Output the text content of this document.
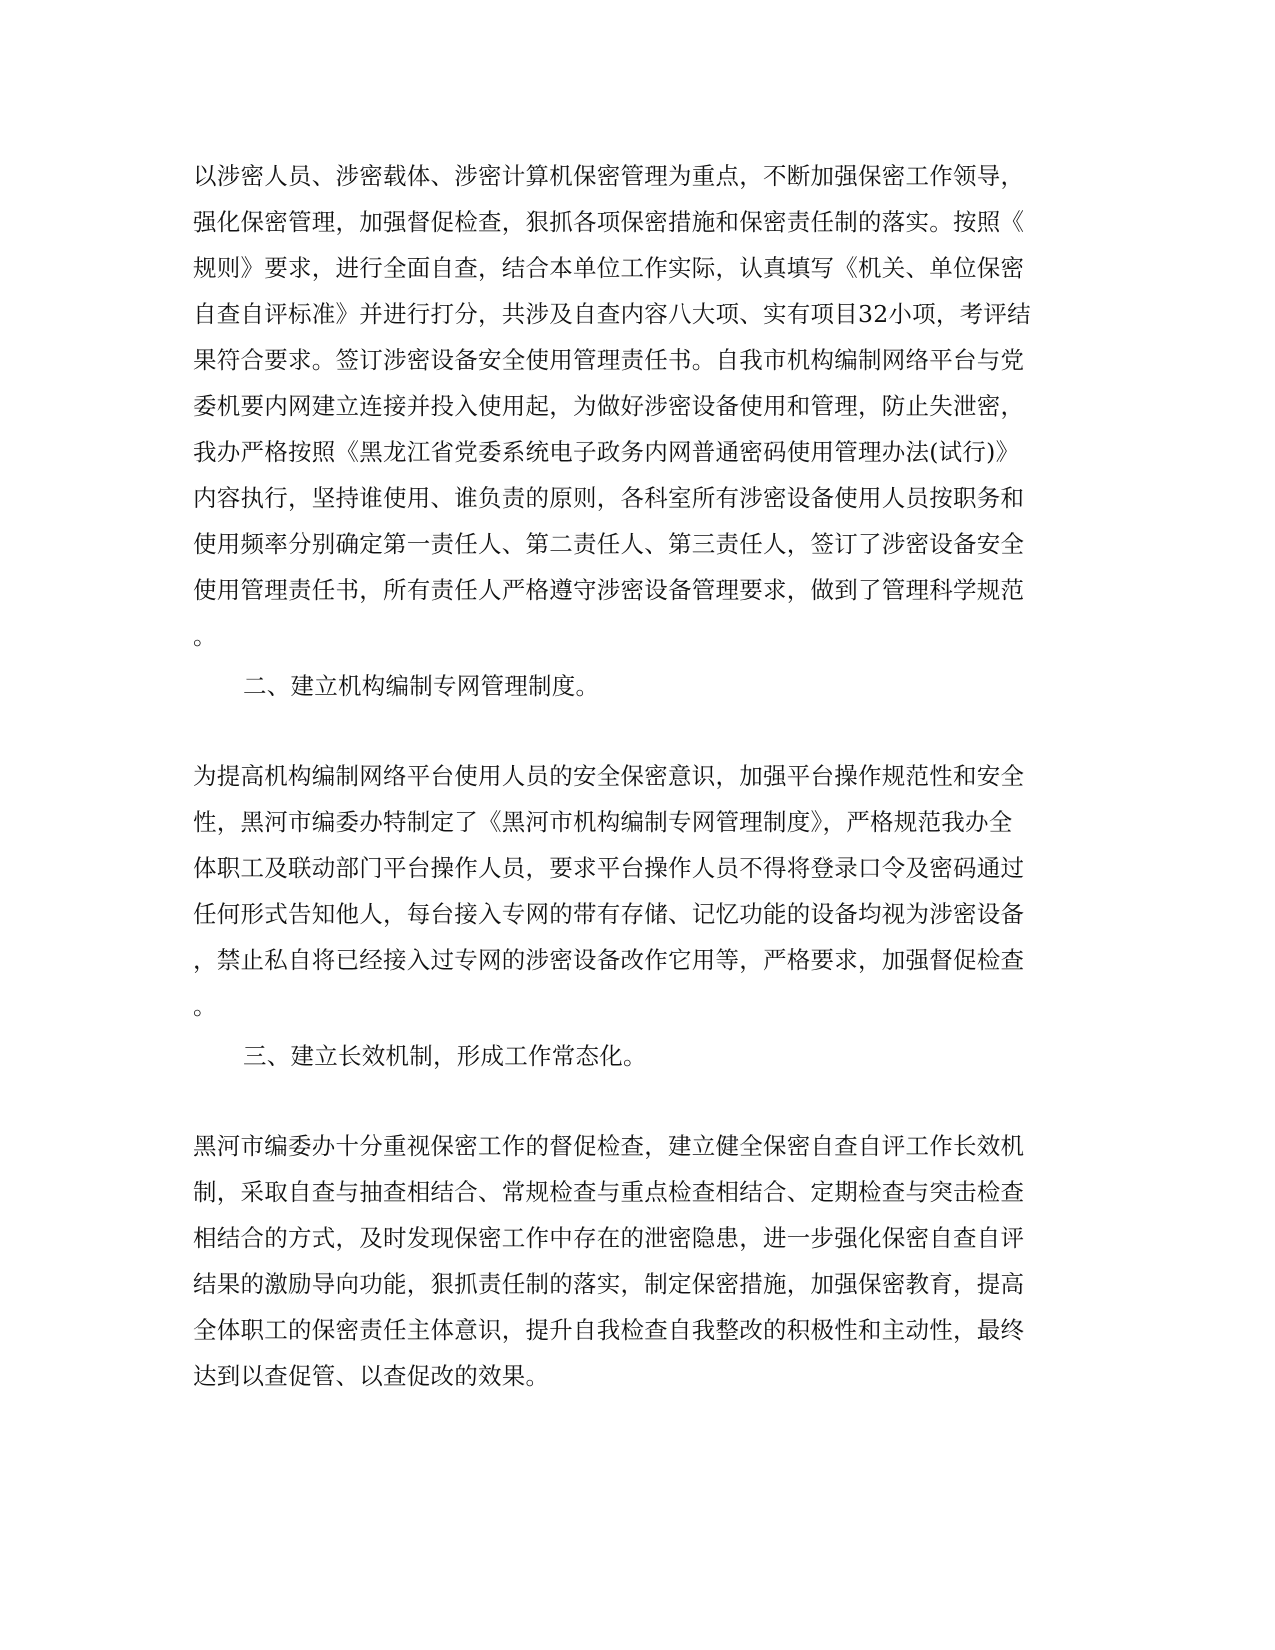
以涉密人员、涉密载体、涉密计算机保密管理为重点，不断加强保密工作领导，
强化保密管理，加强督促检查，狠抓各项保密措施和保密责任制的落实。按照《
规则》要求，进行全面自查，结合本单位工作实际，认真填写《机关、单位保密
自查自评标准》并进行打分，共涉及自查内容八大项、实有项目32小项，考评结
果符合要求。签订涉密设备安全使用管理责任书。自我市机构编制网络平台与党
委机要内网建立连接并投入使用起，为做好涉密设备使用和管理，防止失泄密，
我办严格按照《黑龙江省党委系统电子政务内网普通密码使用管理办法(试行)》
内容执行，坚持谁使用、谁负责的原则，各科室所有涉密设备使用人员按职务和
使用频率分别确定第一责任人、第二责任人、第三责任人，签订了涉密设备安全
使用管理责任书，所有责任人严格遵守涉密设备管理要求，做到了管理科学规范
。
二、建立机构编制专网管理制度。
为提高机构编制网络平台使用人员的安全保密意识，加强平台操作规范性和安全
性，黑河市编委办特制定了《黑河市机构编制专网管理制度》，严格规范我办全
体职工及联动部门平台操作人员，要求平台操作人员不得将登录口令及密码通过
任何形式告知他人，每台接入专网的带有存储、记忆功能的设备均视为涉密设备
，禁止私自将已经接入过专网的涉密设备改作它用等，严格要求，加强督促检查
。
三、建立长效机制，形成工作常态化。
黑河市编委办十分重视保密工作的督促检查，建立健全保密自查自评工作长效机
制，采取自查与抽查相结合、常规检查与重点检查相结合、定期检查与突击检查
相结合的方式，及时发现保密工作中存在的泄密隐患，进一步强化保密自查自评
结果的激励导向功能，狠抓责任制的落实，制定保密措施，加强保密教育，提高
全体职工的保密责任主体意识，提升自我检查自我整改的积极性和主动性，最终
达到以查促管、以查促改的效果。
